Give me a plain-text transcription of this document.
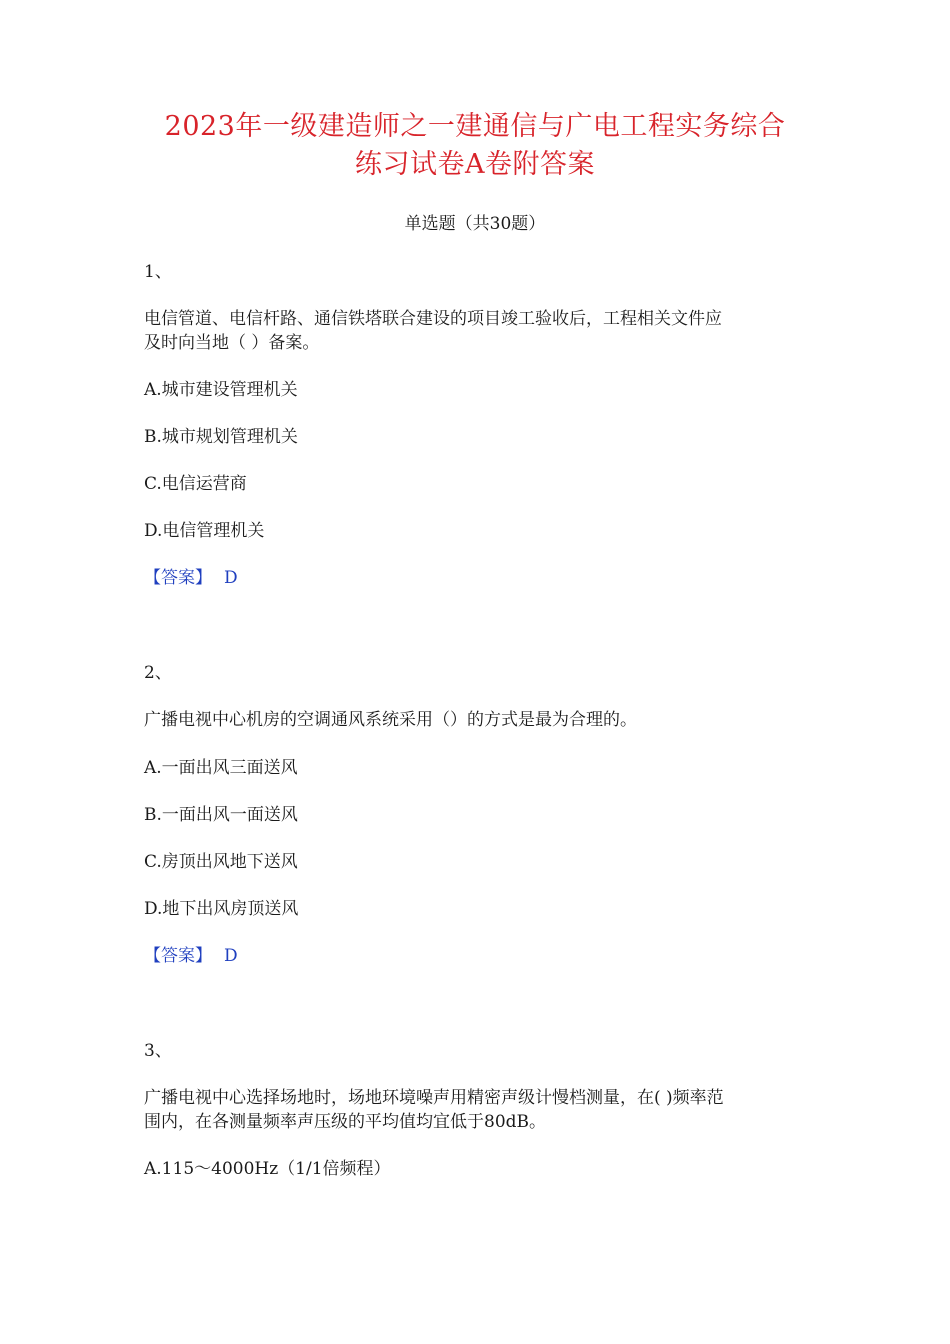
2023年一级建造师之一建通信与广电工程实务综合
练习试卷A卷附答案
单选题（共30题）
1、
电信管道、电信杆路、通信铁塔联合建设的项目竣工验收后，工程相关文件应
及时向当地（ ）备案。
A.城市建设管理机关
B.城市规划管理机关
C.电信运营商
D.电信管理机关
【答案】 D
2、
广播电视中心机房的空调通风系统采用（）的方式是最为合理的。
A.一面出风三面送风
B.一面出风一面送风
C.房顶出风地下送风
D.地下出风房顶送风
【答案】 D
3、
广播电视中心选择场地时，场地环境噪声用精密声级计慢档测量，在( )频率范
围内，在各测量频率声压级的平均值均宜低于80dB。
A.115～4000Hz（1/1倍频程）
